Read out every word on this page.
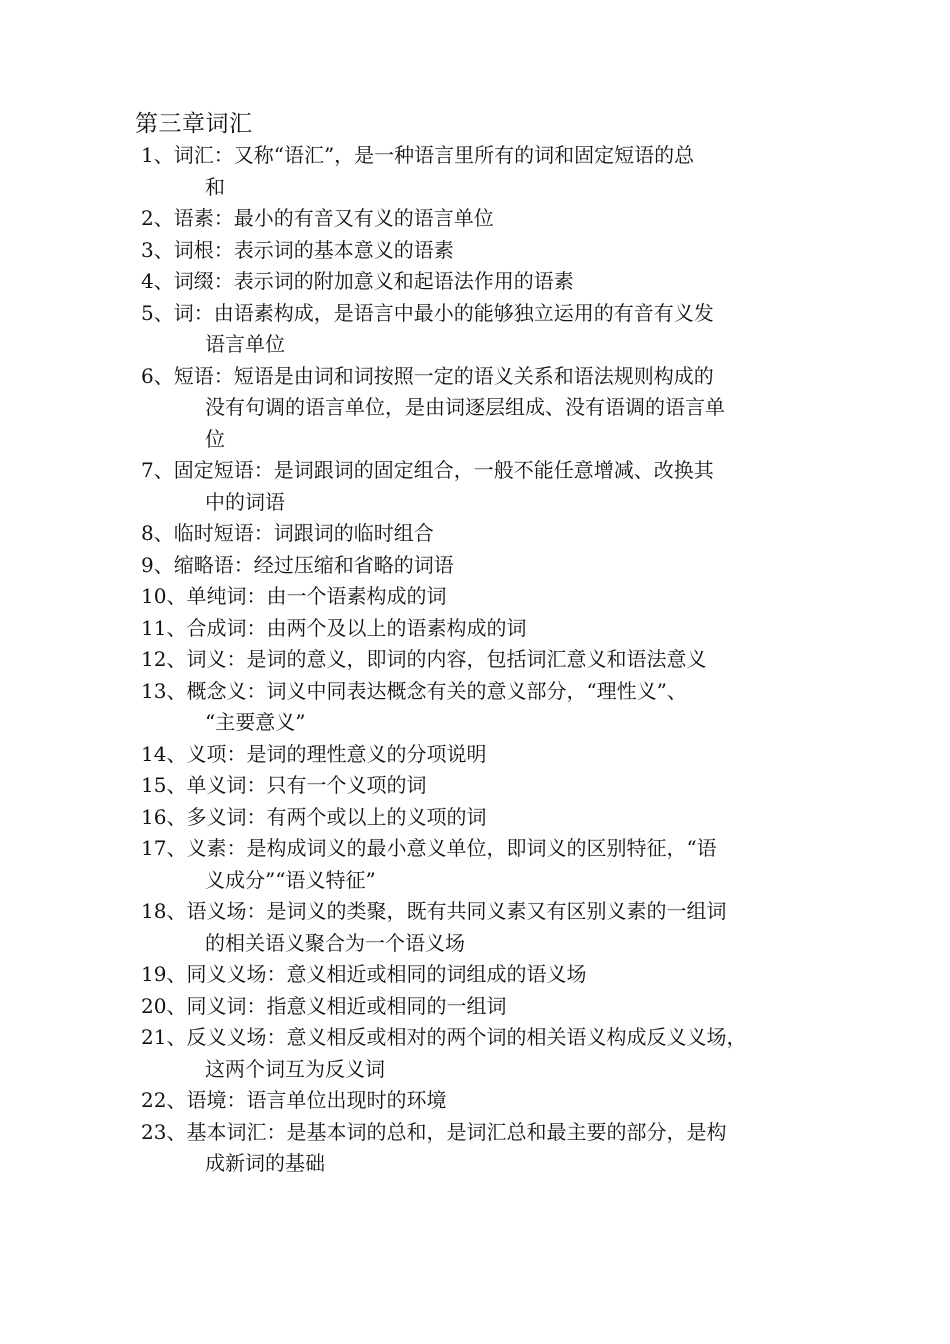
第三章词汇
1、词汇：又称“语汇”，是一种语言里所有的词和固定短语的总
和
2、语素：最小的有音又有义的语言单位
3、词根：表示词的基本意义的语素
4、词缀：表示词的附加意义和起语法作用的语素
5、词：由语素构成，是语言中最小的能够独立运用的有音有义发
语言单位
6、短语：短语是由词和词按照一定的语义关系和语法规则构成的
没有句调的语言单位，是由词逐层组成、没有语调的语言单
位
7、固定短语：是词跟词的固定组合，一般不能任意增减、改换其
中的词语
8、临时短语：词跟词的临时组合
9、缩略语：经过压缩和省略的词语
10、单纯词：由一个语素构成的词
11、合成词：由两个及以上的语素构成的词
12、词义：是词的意义，即词的内容，包括词汇意义和语法意义
13、概念义：词义中同表达概念有关的意义部分，“理性义”、
“主要意义”
14、义项：是词的理性意义的分项说明
15、单义词：只有一个义项的词
16、多义词：有两个或以上的义项的词
17、义素：是构成词义的最小意义单位，即词义的区别特征，“语
义成分”“语义特征”
18、语义场：是词义的类聚，既有共同义素又有区别义素的一组词
的相关语义聚合为一个语义场
19、同义义场：意义相近或相同的词组成的语义场
20、同义词：指意义相近或相同的一组词
21、反义义场：意义相反或相对的两个词的相关语义构成反义义场，
这两个词互为反义词
22、语境：语言单位出现时的环境
23、基本词汇：是基本词的总和，是词汇总和最主要的部分，是构
成新词的基础
